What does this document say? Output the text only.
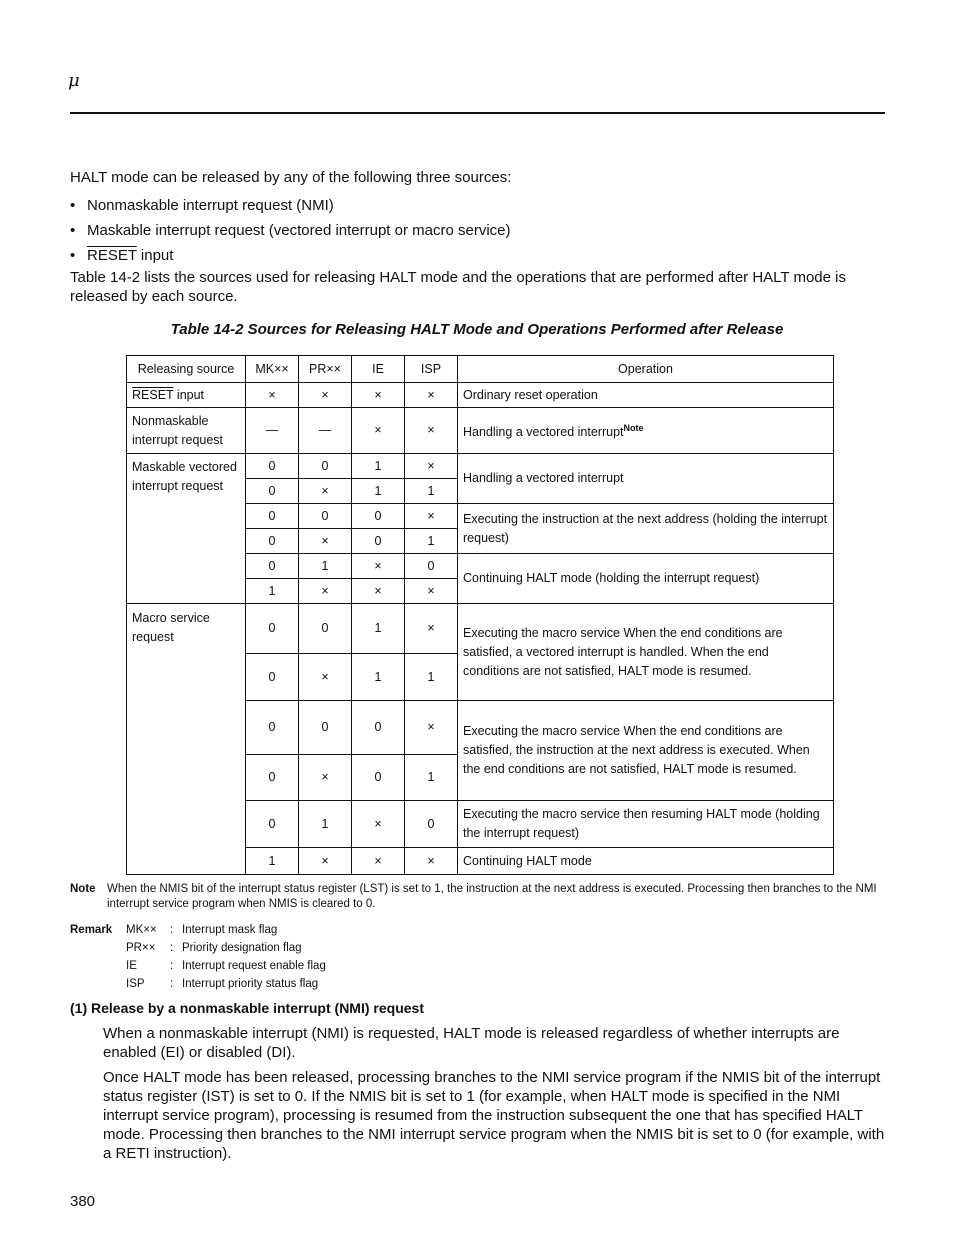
μ
HALT mode can be released by any of the following three sources:
• Nonmaskable interrupt request (NMI)
• Maskable interrupt request (vectored interrupt or macro service)
• RESET input
Table 14-2 lists the sources used for releasing HALT mode and the operations that are performed after HALT mode is released by each source.
Table 14-2 Sources for Releasing HALT Mode and Operations Performed after Release
Releasing source	MK××	PR××	IE	ISP	Operation
RESET input	×	×	×	×	Ordinary reset operation
Nonmaskable interrupt request	—	—	×	×	Handling a vectored interrupt$^{Note}$
Maskable vectored interrupt request	0	0	1	×	Handling a vectored interrupt
	0	×	1	1	
	0	0	0	×	Executing the instruction at the next address (holding the interrupt request)
	0	×	0	1	
	0	1	×	0	Continuing HALT mode (holding the interrupt request)
	1	×	×	×	
Macro service request	0	0	1	×	Executing the macro service When the end conditions are satisfied, a vectored interrupt is handled. When the end conditions are not satisfied, HALT mode is resumed.
	0	×	1	1	
	0	0	0	×	Executing the macro service When the end conditions are satisfied, the instruction at the next address is executed. When the end conditions are not satisfied, HALT mode is resumed.
	0	×	0	1	
	0	1	×	0	Executing the macro service then resuming HALT mode (holding the interrupt request)
	1	×	×	×	Continuing HALT mode
Note When the NMIS bit of the interrupt status register (LST) is set to 1, the instruction at the next address is executed. Processing then branches to the NMI interrupt service program when NMIS is cleared to 0.
Remark MK×× : Interrupt mask flag
PR×× : Priority designation flag
IE	: Interrupt request enable flag
ISP : Interrupt priority status flag
(1) Release by a nonmaskable interrupt (NMI) request
When a nonmaskable interrupt (NMI) is requested, HALT mode is released regardless of whether interrupts are enabled (EI) or disabled (DI).
Once HALT mode has been released, processing branches to the NMI service program if the NMIS bit of the interrupt status register (IST) is set to 0. If the NMIS bit is set to 1 (for example, when HALT mode is specified in the NMI interrupt service program), processing is resumed from the instruction subsequent the one that has specified HALT mode. Processing then branches to the NMI interrupt service program when the NMIS bit is set to 0 (for example, with a RETI instruction).
380
